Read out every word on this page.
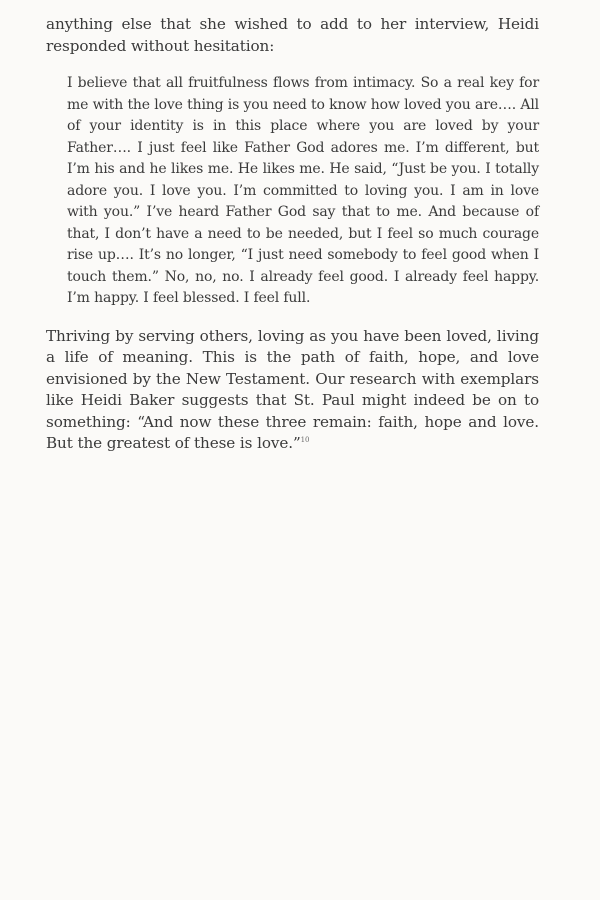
anything else that she wished to add to her interview, Heidi responded without hesitation:

I believe that all fruitfulness flows from intimacy. So a real key for me with the love thing is you need to know how loved you are…. All of your identity is in this place where you are loved by your Father…. I just feel like Father God adores me. I’m different, but I’m his and he likes me. He likes me. He said, “Just be you. I totally adore you. I love you. I’m committed to loving you. I am in love with you.” I’ve heard Father God say that to me. And because of that, I don’t have a need to be needed, but I feel so much courage rise up…. It’s no longer, “I just need somebody to feel good when I touch them.” No, no, no. I already feel good. I already feel happy. I’m happy. I feel blessed. I feel full.

Thriving by serving others, loving as you have been loved, living a life of meaning. This is the path of faith, hope, and love envisioned by the New Testament. Our research with exemplars like Heidi Baker suggests that St. Paul might indeed be on to something: “And now these three remain: faith, hope and love. But the greatest of these is love.”$^{10}$
